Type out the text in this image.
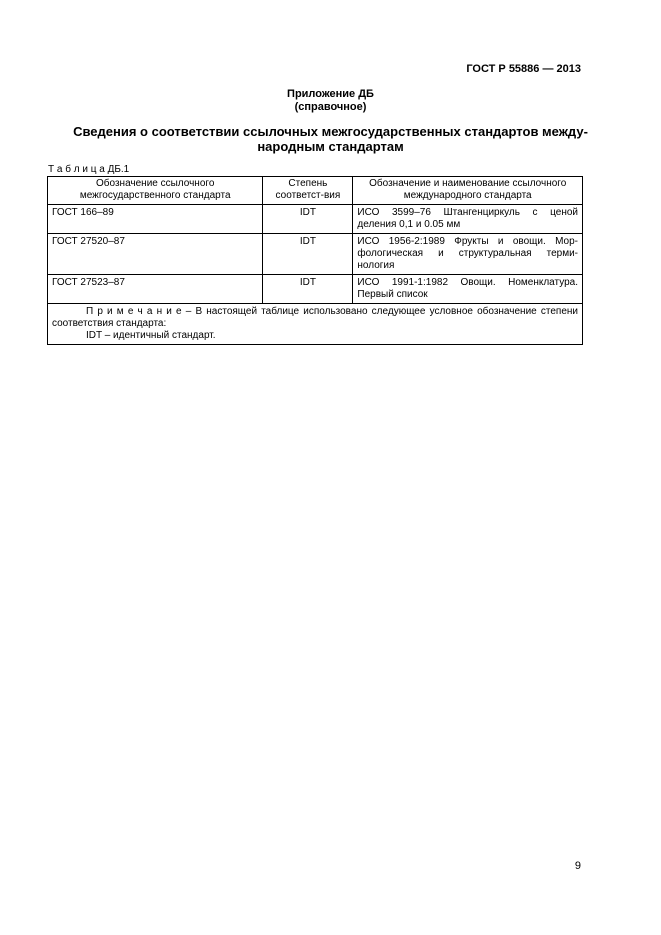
ГОСТ Р 55886 — 2013
Приложение ДБ
(справочное)
Сведения о соответствии ссылочных межгосударственных стандартов между-народным стандартам
Т а б л и ц а ДБ.1
Обозначение ссылочного межгосударственного стандарта	Степень соответст-вия	Обозначение и наименование ссылочного международного стандарта
ГОСТ 166–89	IDT	ИСО 3599–76 Штангенциркуль с ценой деления 0,1 и 0.05 мм
ГОСТ 27520–87	IDT	ИСО 1956-2:1989 Фрукты и овощи. Мор-фологическая и структуральная терми-нология
ГОСТ 27523–87	IDT	ИСО 1991-1:1982 Овощи. Номенклатура. Первый список

П р и м е ч а н и е – В настоящей таблице использовано следующее условное обозначение степени соответствия стандарта:
IDT – идентичный стандарт.		
9
